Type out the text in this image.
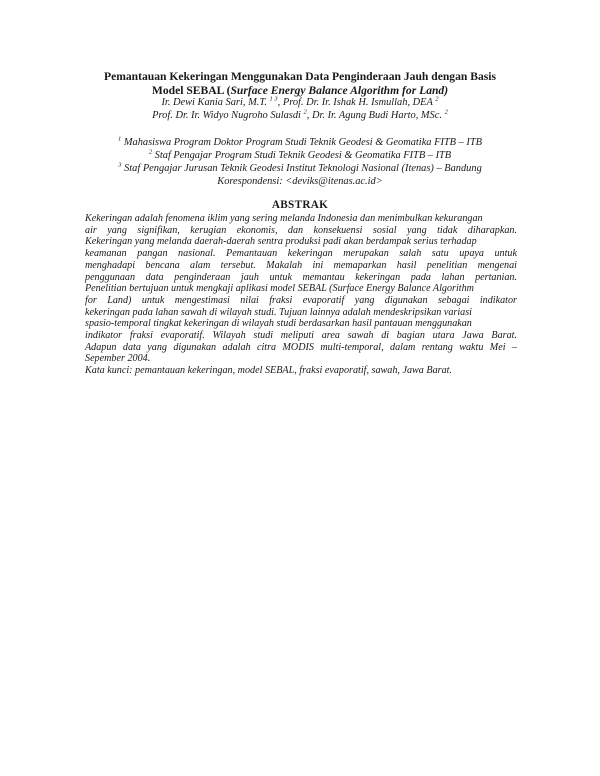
Pemantauan Kekeringan Menggunakan Data Penginderaan Jauh dengan Basis
Model SEBAL (Surface Energy Balance Algorithm for Land)
Ir. Dewi Kania Sari, M.T. $^{1 3}$, Prof. Dr. Ir. Ishak H. Ismullah, DEA $^2$
Prof. Dr. Ir. Widyo Nugroho Sulasdi $^2$, Dr. Ir. Agung Budi Harto, MSc. $^2$
$^1$ Mahasiswa Program Doktor Program Studi Teknik Geodesi & Geomatika FITB – ITB
$^2$ Staf Pengajar Program Studi Teknik Geodesi & Geomatika FITB – ITB
$^3$ Staf Pengajar Jurusan Teknik Geodesi Institut Teknologi Nasional (Itenas) – Bandung
Korespondensi: <deviks@itenas.ac.id>
ABSTRAK
Kekeringan adalah fenomena iklim yang sering melanda Indonesia dan menimbulkan kekurangan
air yang signifikan, kerugian ekonomis, dan konsekuensi sosial yang tidak diharapkan.
Kekeringan yang melanda daerah-daerah sentra produksi padi akan berdampak serius terhadap
keamanan pangan nasional. Pemantauan kekeringan merupakan salah satu upaya untuk
menghadapi bencana alam tersebut. Makalah ini memaparkan hasil penelitian mengenai
penggunaan data penginderaan jauh untuk memantau kekeringan pada lahan pertanian.
Penelitian bertujuan untuk mengkaji aplikasi model SEBAL (Surface Energy Balance Algorithm
for Land) untuk mengestimasi nilai fraksi evaporatif yang digunakan sebagai indikator
kekeringan pada lahan sawah di wilayah studi. Tujuan lainnya adalah mendeskripsikan variasi
spasio-temporal tingkat kekeringan di wilayah studi berdasarkan hasil pantauan menggunakan
indikator fraksi evaporatif. Wilayah studi meliputi area sawah di bagian utara Jawa Barat.
Adapun data yang digunakan adalah citra MODIS multi-temporal, dalam rentang waktu Mei –
Sepember 2004.
Kata kunci: pemantauan kekeringan, model SEBAL, fraksi evaporatif, sawah, Jawa Barat.
